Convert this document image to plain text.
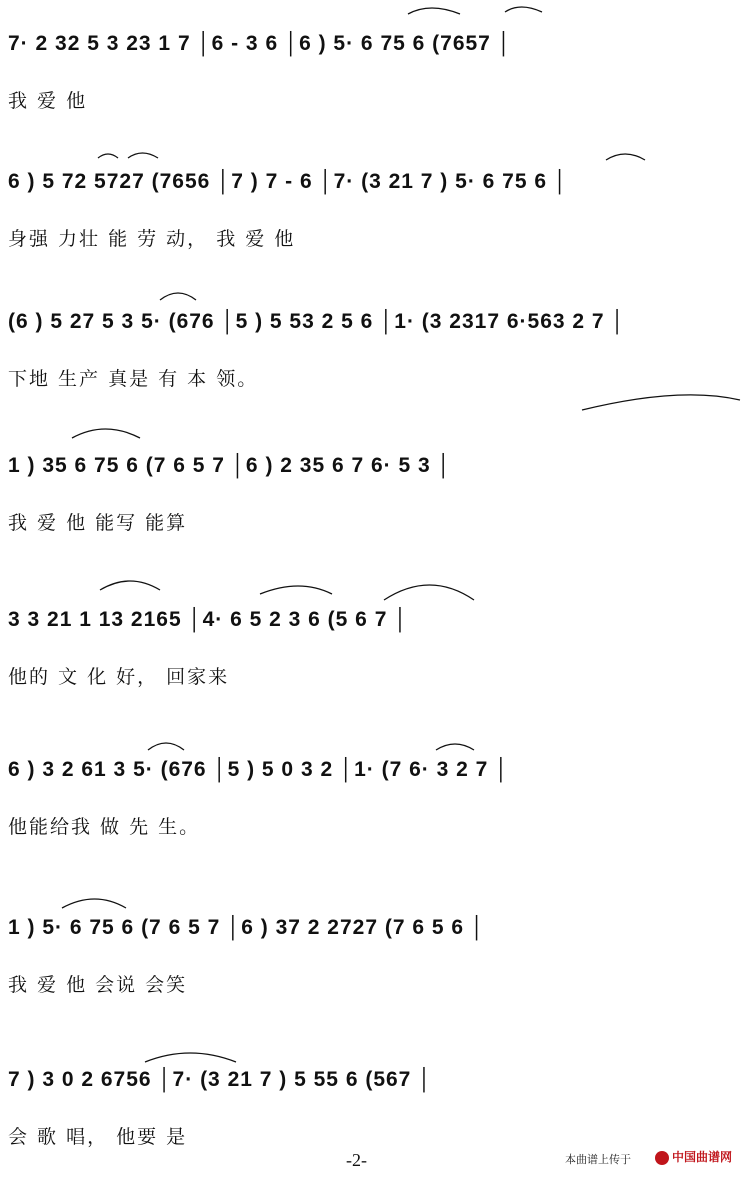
7· 2 32 5 3 23 1 7 │6 - 3 6 │6 ) 5· 6 75 6 (7657 │
我 爱 他
6 ) 5 72 5727 (7656 │7 ) 7 - 6 │7· (3 21 7 ) 5· 6 75 6 │
身强 力壮 能 劳 动， 我 爱 他
(6 ) 5 27 5 3 5· (676 │5 ) 5 53 2 5 6 │1· (3 2317 6·563 2 7 │
下地 生产 真是 有 本 领。
1 ) 35 6 75 6 (7 6 5 7 │6 ) 2 35 6 7 6· 5 3 │
我 爱 他 能写 能算
3 3 21 1 13 2165 │4· 6 5 2 3 6 (5 6 7 │
他的 文 化 好， 回家来
6 ) 3 2 61 3 5· (676 │5 ) 5 0 3 2 │1· (7 6· 3 2 7 │
他能给我 做 先 生。
1 ) 5· 6 75 6 (7 6 5 7 │6 ) 37 2 2727 (7 6 5 6 │
我 爱 他 会说 会笑
7 ) 3 0 2 6756 │7· (3 21 7 ) 5 55 6 (567 │
会 歌 唱， 他要 是
-2-	本曲谱上传于	中国曲谱网
